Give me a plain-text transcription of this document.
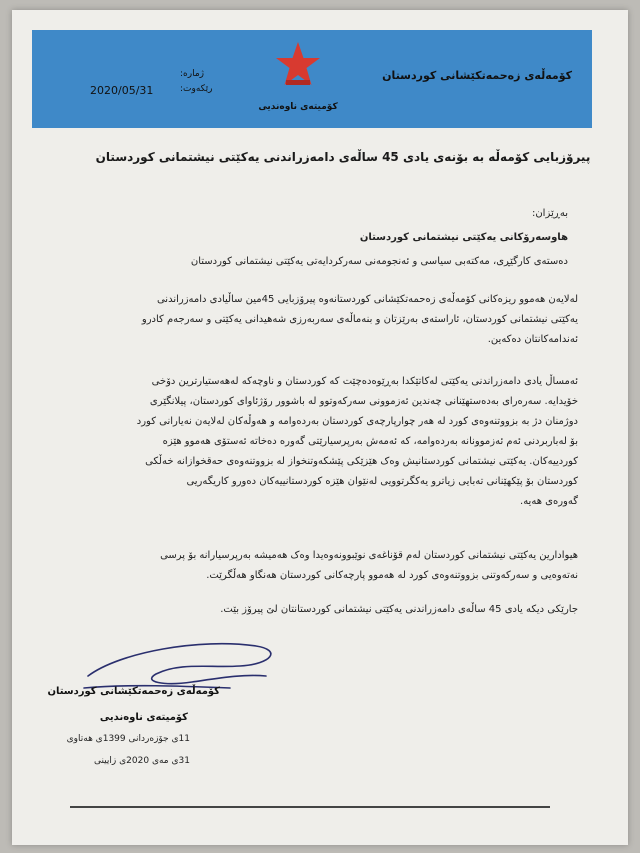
کۆمەڵەی زەحمەتکێشانی کوردستان
ژمارە:
رێکەوت:
2020/05/31
کۆمیتەی ناوەندیی
پیرۆزبایی کۆمەڵە بە بۆنەی یادی 45 ساڵەی دامەزراندنی یەکێتی نیشتمانی کوردستان
بەڕێزان:
هاوسەرۆکانی یەکێتی نیشتمانی کوردستان
دەستەی کارگێڕی، مەکتەبی سیاسی و ئەنجومەنی سەرکردایەتی یەکێتی نیشتمانی کوردستان
لەلایەن هەموو ریزەکانی کۆمەڵەی زەحمەتکێشانی کوردستانەوە پیرۆزبایی 45مین ساڵیادی دامەزراندنی
یەکێتی نیشتمانی کوردستان، ئاراستەی بەرێزتان و بنەماڵەی سەربەرزی شەهیدانی یەکێتی و سەرجەم کادرو
ئەندامەکانتان دەکەین.
ئەمساڵ یادی دامەزراندنی یەکێتی لەکاتێکدا بەڕێوەدەچێت کە کوردستان و ناوچەکە لەهەستیارترین دۆخی
خۆیدایە. سەرەرای بەدەستهێنانی چەندین ئەزموونی سەرکەوتوو لە باشوور رۆژئاوای کوردستان، پیلانگێری
دوژمنان دژ بە بزووتنەوەی کورد لە هەر چوارپارچەی کوردستان بەردەوامە و هەوڵەکان لەلایەن نەیارانی کورد
بۆ لەباربردنی ئەم ئەزموونانە بەردەوامە، کە ئەمەش بەرپرسیارێتی گەورە دەخاتە ئەستۆی هەموو هێزە
کوردییەکان. یەکێتی نیشتمانی کوردستانیش وەک هێزێکی پێشکەوتنخواز لە بزووتنەوەی حەقخوازانە خەڵکی
کوردستان بۆ پێکهێنانی تەبایی زیاترو یەکگرتوویی لەنێوان هێزە کوردستانییەکان دەورو کاریگەریی
گەورەی هەیە.
هیوادارین یەکێتی نیشتمانی کوردستان لەم قۆناغەی نوێبوونەوەیدا وەک هەمیشە بەرپرسیارانە بۆ پرسی
نەتەوەیی و سەرکەوتنی بزووتنەوەی کورد لە هەموو پارچەکانی کوردستان هەنگاو هەڵگرێت.
جارێکی دیکە یادی 45 ساڵەی دامەزراندنی یەکێتی نیشتمانی کوردستانتان لێ پیرۆز بێت.
کۆمەڵەی زەحمەتکێشانی کوردستان
کۆمیتەی ناوەندیی
11ی جۆزەردانی 1399ی هەتاوی
31ی مەی 2020ی زایینی
